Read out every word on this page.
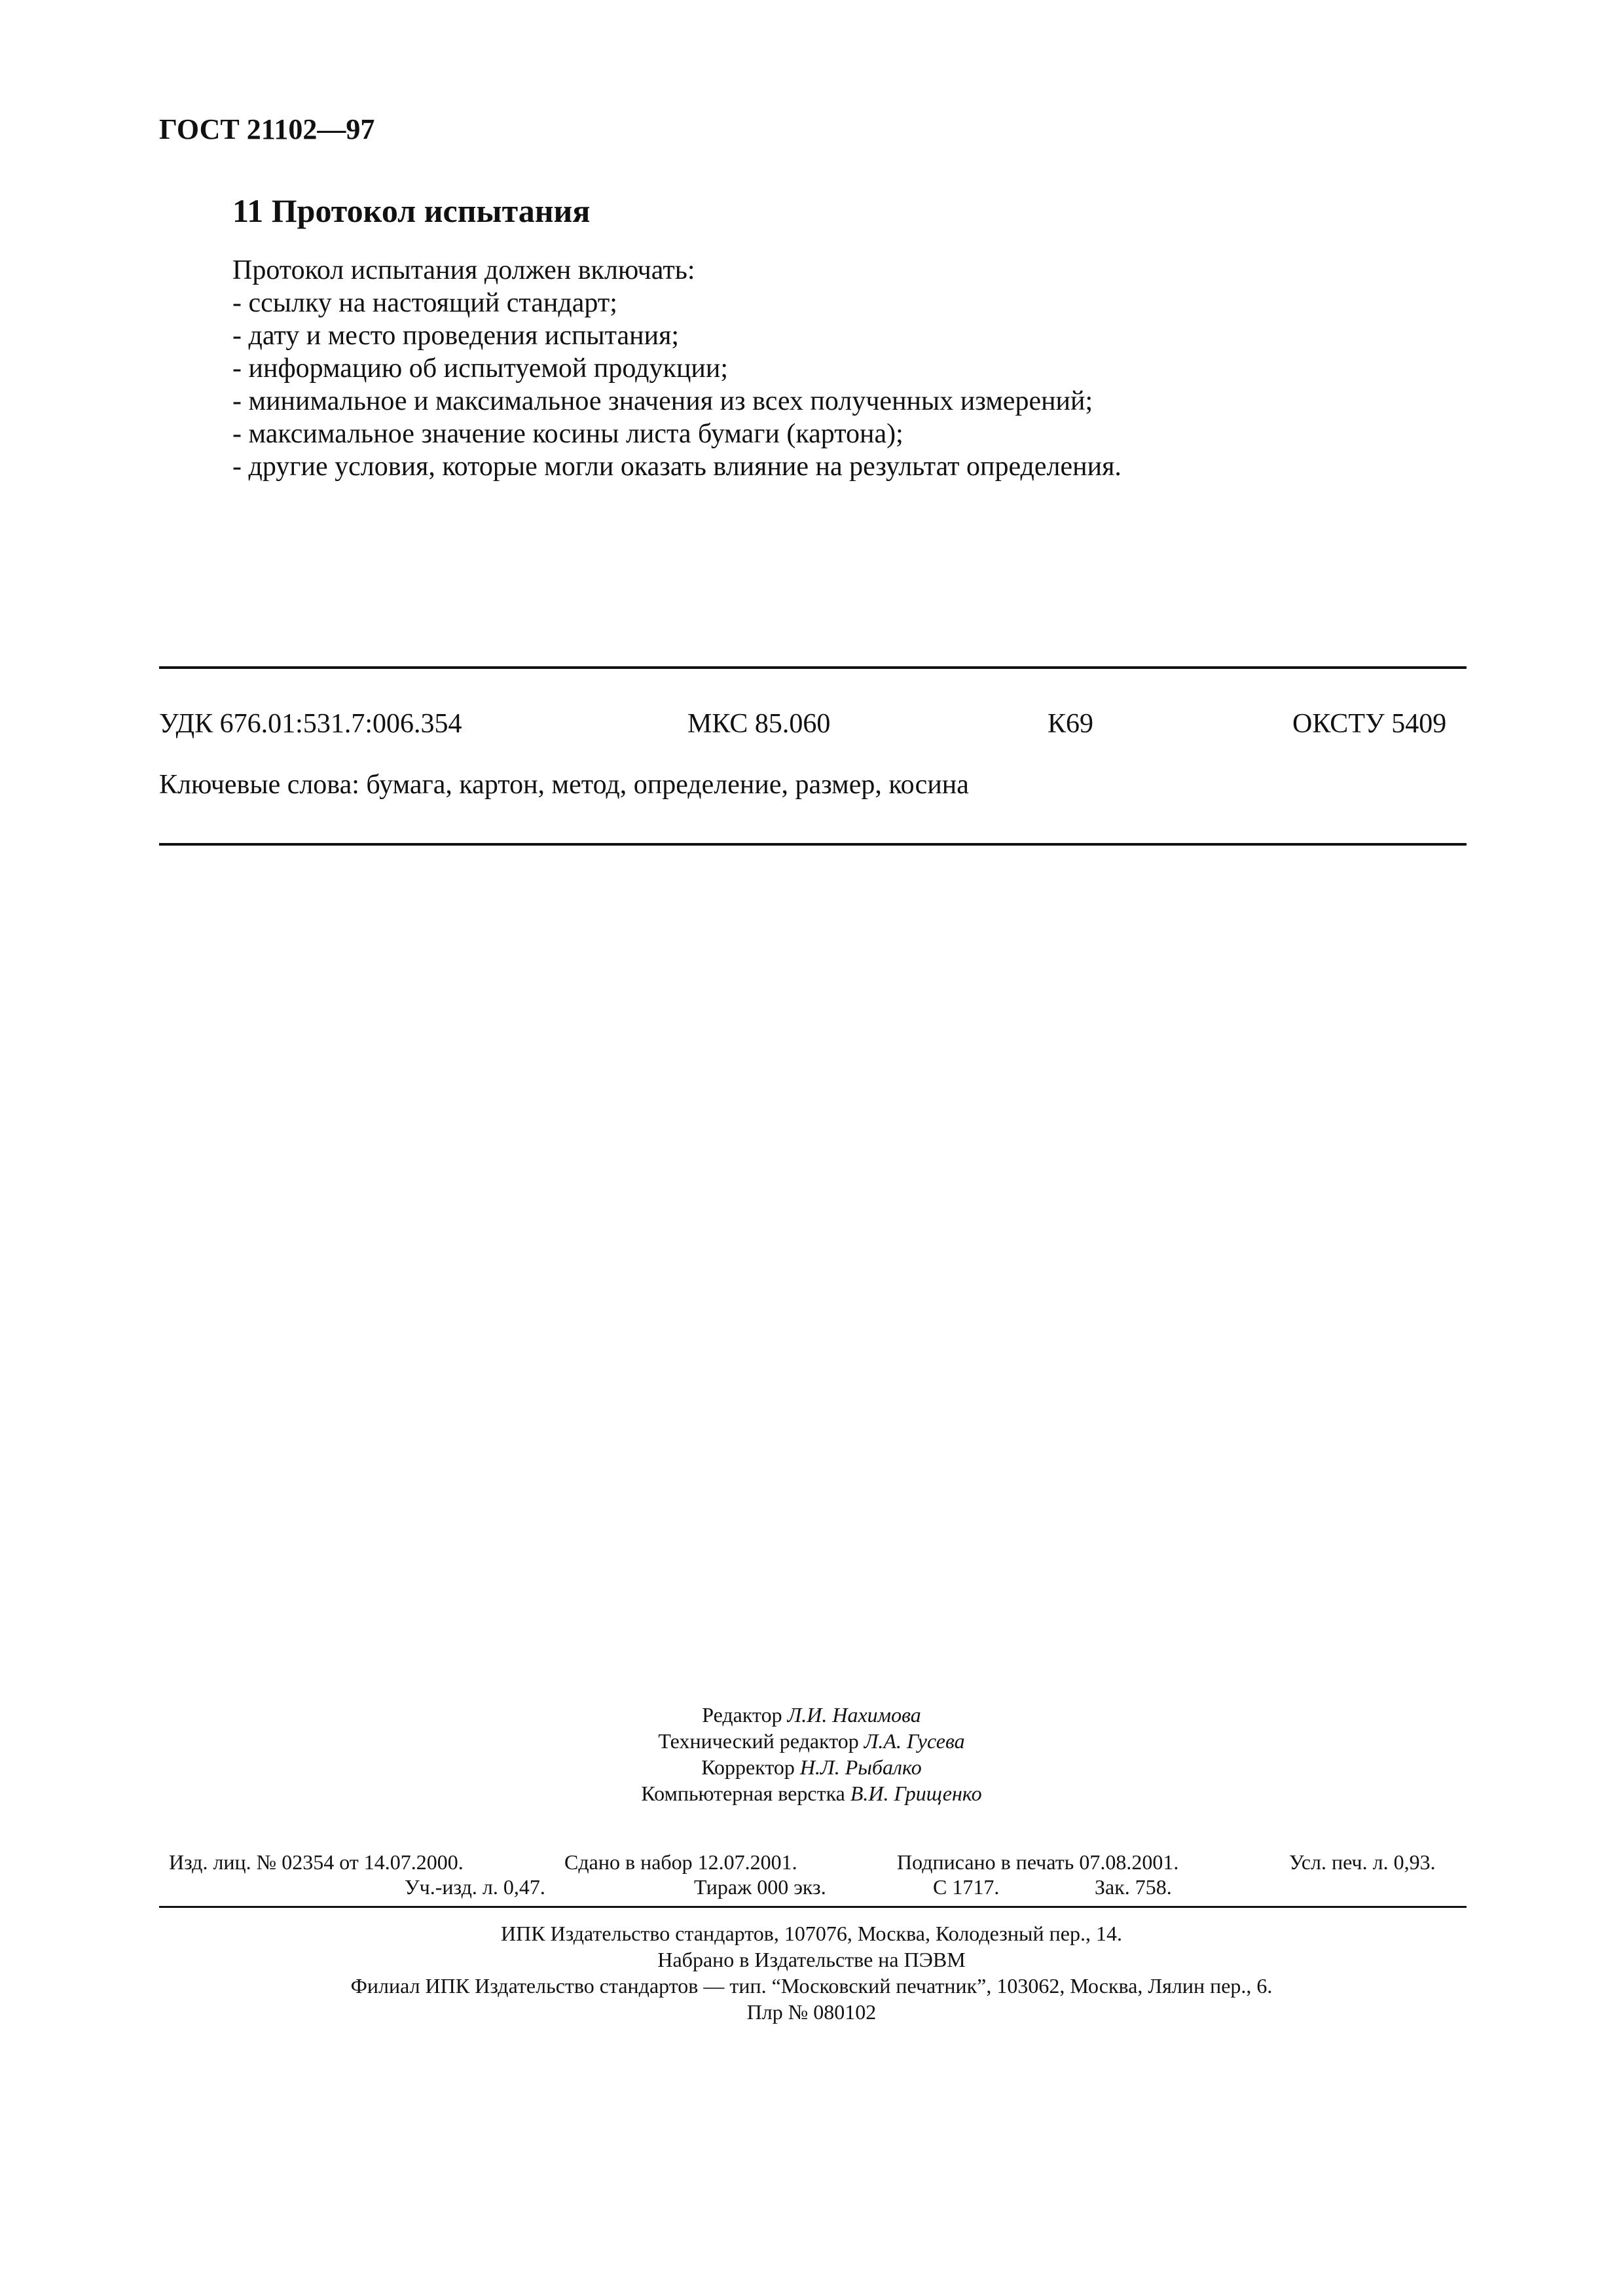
ГОСТ 21102—97
11 Протокол испытания
Протокол испытания должен включать:
- ссылку на настоящий стандарт;
- дату и место проведения испытания;
- информацию об испытуемой продукции;
- минимальное и максимальное значения из всех полученных измерений;
- максимальное значение косины листа бумаги (картона);
- другие условия, которые могли оказать влияние на результат определения.
УДК 676.01:531.7:006.354	МКС 85.060	К69	ОКСТУ 5409
Ключевые слова: бумага, картон, метод, определение, размер, косина
Редактор Л.И. Нахимова
Технический редактор Л.А. Гусева
Корректор Н.Л. Рыбалко
Компьютерная верстка В.И. Грищенко
Изд. лиц. № 02354 от 14.07.2000.	Сдано в набор 12.07.2001.	Подписано в печать 07.08.2001.	Усл. печ. л. 0,93.
Уч.-изд. л. 0,47.	Тираж 000 экз.	С 1717.	Зак. 758.
ИПК Издательство стандартов, 107076, Москва, Колодезный пер., 14.
Набрано в Издательстве на ПЭВМ
Филиал ИПК Издательство стандартов — тип. “Московский печатник”, 103062, Москва, Лялин пер., 6.
Плр № 080102
